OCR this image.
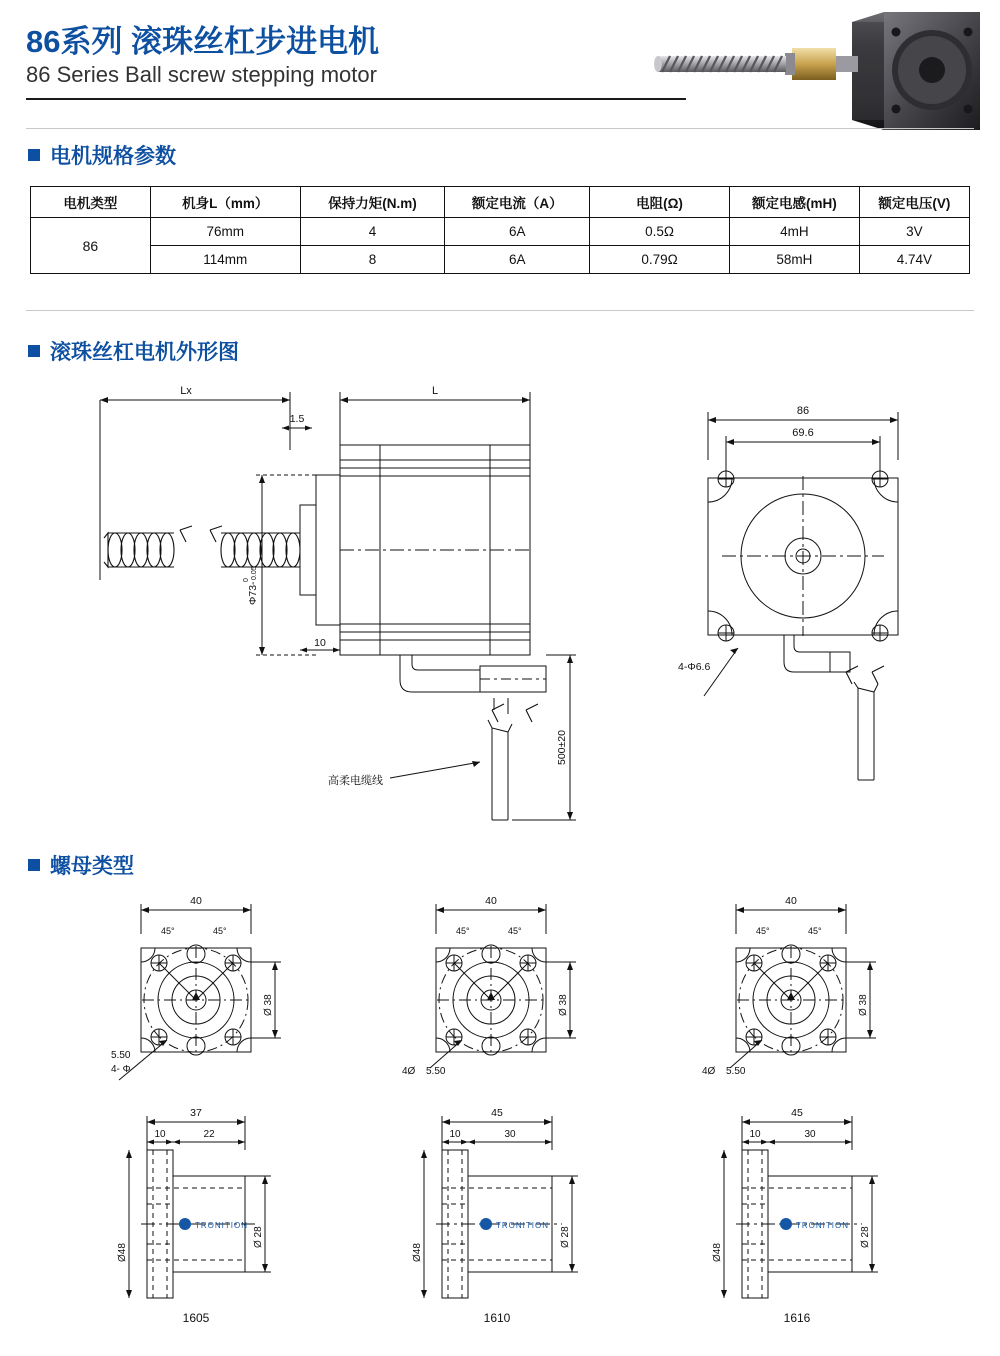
86系列 滚珠丝杠步进电机
86 Series Ball screw stepping motor
电机规格参数
电机类型	机身L（mm）	保持力矩(N.m)	额定电流（A）	电阻(Ω)	额定电感(mH)	额定电压(V)
86	76mm	4	6A	0.5Ω	4mH	3V
	114mm	8	6A	0.79Ω	58mH	4.74V
滚珠丝杠电机外形图
Lx	L
1.5
Φ73-
0
0.05
10
500±20
高柔电缆线
86
69.6
4-Φ6.6
螺母类型
40
45°	45°
Ø 38
5.50
4- Φ
37
10	22
Ø48
Ø 28
TRONITION
1605
40
45°	45°
Ø 38
4Ø 5.50
45
10	30
Ø48
Ø 28
TRONITION
1610
40
45°	45°
Ø 38
4Ø 5.50
45
10	30
Ø48
Ø 28
TRONITION
1616
